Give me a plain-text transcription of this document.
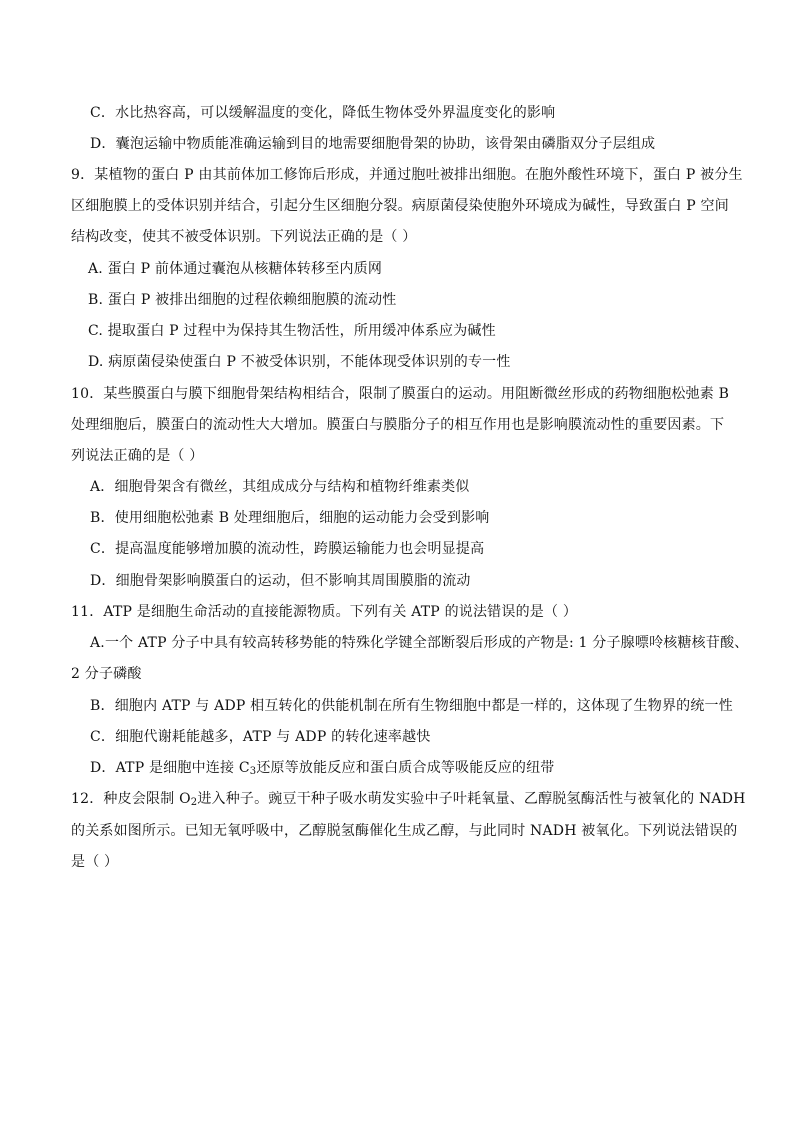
C．水比热容高，可以缓解温度的变化，降低生物体受外界温度变化的影响
D．囊泡运输中物质能准确运输到目的地需要细胞骨架的协助，该骨架由磷脂双分子层组成
9．某植物的蛋白 P 由其前体加工修饰后形成，并通过胞吐被排出细胞。在胞外酸性环境下，蛋白 P 被分生
区细胞膜上的受体识别并结合，引起分生区细胞分裂。病原菌侵染使胞外环境成为碱性，导致蛋白 P 空间
结构改变，使其不被受体识别。下列说法正确的是（ ）
A. 蛋白 P 前体通过囊泡从核糖体转移至内质网
B. 蛋白 P 被排出细胞的过程依赖细胞膜的流动性
C. 提取蛋白 P 过程中为保持其生物活性，所用缓冲体系应为碱性
D. 病原菌侵染使蛋白 P 不被受体识别，不能体现受体识别的专一性
10．某些膜蛋白与膜下细胞骨架结构相结合，限制了膜蛋白的运动。用阻断微丝形成的药物细胞松弛素 B
处理细胞后，膜蛋白的流动性大大增加。膜蛋白与膜脂分子的相互作用也是影响膜流动性的重要因素。下
列说法正确的是（ ）
A．细胞骨架含有微丝，其组成成分与结构和植物纤维素类似
B．使用细胞松弛素 B 处理细胞后，细胞的运动能力会受到影响
C．提高温度能够增加膜的流动性，跨膜运输能力也会明显提高
D．细胞骨架影响膜蛋白的运动，但不影响其周围膜脂的流动
11．ATP 是细胞生命活动的直接能源物质。下列有关 ATP 的说法错误的是（ ）
A.一个 ATP 分子中具有较高转移势能的特殊化学键全部断裂后形成的产物是: 1 分子腺嘌呤核糖核苷酸、
2 分子磷酸
B．细胞内 ATP 与 ADP 相互转化的供能机制在所有生物细胞中都是一样的，这体现了生物界的统一性
C．细胞代谢耗能越多，ATP 与 ADP 的转化速率越快
D．ATP 是细胞中连接 $C_3$还原等放能反应和蛋白质合成等吸能反应的纽带
12．种皮会限制 $O_2$进入种子。豌豆干种子吸水萌发实验中子叶耗氧量、乙醇脱氢酶活性与被氧化的 NADH
的关系如图所示。已知无氧呼吸中，乙醇脱氢酶催化生成乙醇，与此同时 NADH 被氧化。下列说法错误的
是（ ）
